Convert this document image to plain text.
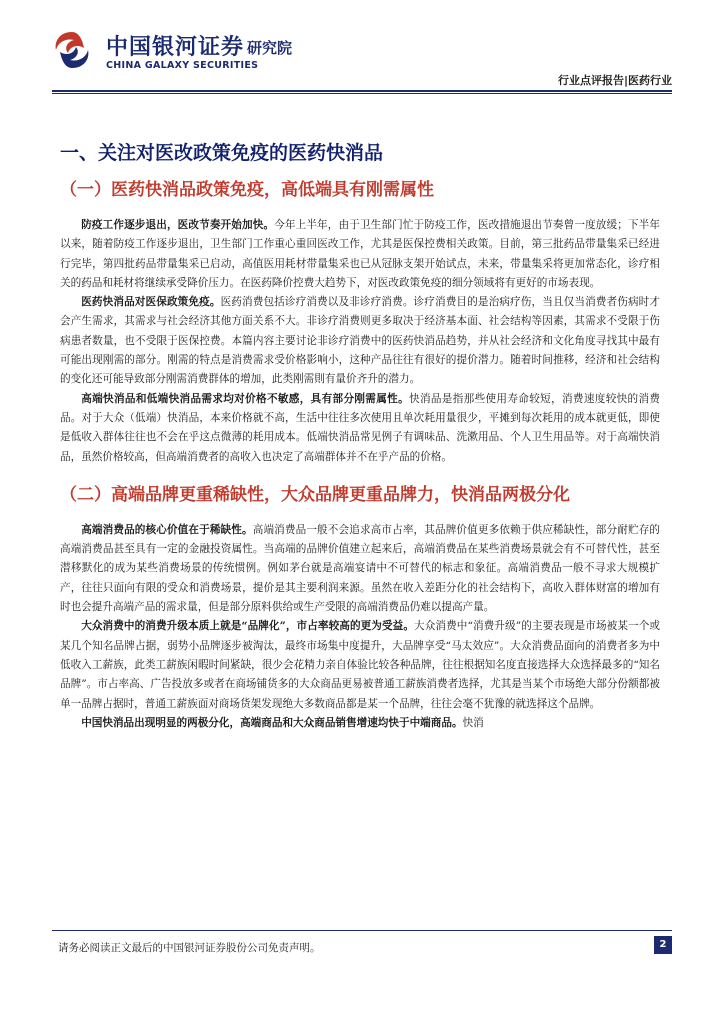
中国银河证券
CHINA GALAXY SECURITIES
研究院
行业点评报告|医药行业
一、关注对医改政策免疫的医药快消品
（一）医药快消品政策免疫，高低端具有刚需属性

防疫工作逐步退出，医改节奏开始加快。今年上半年，由于卫生部门忙于防疫工作，医改措施退出节奏曾一度放缓；下半年以来，随着防疫工作逐步退出，卫生部门工作重心重回医改工作，尤其是医保控费相关政策。目前，第三批药品带量集采已经进行完毕，第四批药品带量集采已启动，高值医用耗材带量集采也已从冠脉支架开始试点，未来，带量集采将更加常态化，诊疗相关的药品和耗材将继续承受降价压力。在医药降价控费大趋势下，对医改政策免疫的细分领域将有更好的市场表现。

医药快消品对医保政策免疫。医药消费包括诊疗消费以及非诊疗消费。诊疗消费目的是治病疗伤，当且仅当消费者伤病时才会产生需求，其需求与社会经济其他方面关系不大。非诊疗消费则更多取决于经济基本面、社会结构等因素，其需求不受限于伤病患者数量，也不受限于医保控费。本篇内容主要讨论非诊疗消费中的医药快消品趋势，并从社会经济和文化角度寻找其中最有可能出现刚需的部分。刚需的特点是消费需求受价格影响小，这种产品往往有很好的提价潜力。随着时间推移，经济和社会结构的变化还可能导致部分刚需消费群体的增加，此类刚需則有量价齐升的潜力。

高端快消品和低端快消品需求均对价格不敏感，具有部分刚需属性。快消品是指那些使用寿命较短，消费速度较快的消费品。对于大众（低端）快消品，本来价格就不高，生活中往往多次使用且单次耗用量很少，平摊到每次耗用的成本就更低，即使是低收入群体往往也不会在乎这点微薄的耗用成本。低端快消品常见例子有调味品、洗漱用品、个人卫生用品等。对于高端快消品，虽然价格较高，但高端消费者的高收入也决定了高端群体并不在乎产品的价格。

（二）高端品牌更重稀缺性，大众品牌更重品牌力，快消品两极分化

高端消费品的核心价值在于稀缺性。高端消费品一般不会追求高市占率，其品牌价值更多依赖于供应稀缺性，部分耐贮存的高端消费品甚至具有一定的金融投资属性。当高端的品牌价值建立起来后，高端消费品在某些消费场景就会有不可替代性，甚至潜移默化的成为某些消费场景的传统惯例。例如茅台就是高端宴请中不可替代的标志和象征。高端消费品一般不寻求大规模扩产，往往只面向有限的受众和消费场景，提价是其主要利润来源。虽然在收入差距分化的社会结构下，高收入群体财富的增加有时也会提升高端产品的需求量，但是部分原料供给或生产受限的高端消费品仍难以提高产量。

大众消费中的消费升级本质上就是“品牌化”，市占率较高的更为受益。大众消费中“消费升级”的主要表现是市场被某一个或某几个知名品牌占据，弱势小品牌逐步被淘汰，最终市场集中度提升，大品牌享受“马太效应”。大众消费品面向的消费者多为中低收入工薪族，此类工薪族闲暇时间紧缺，很少会花精力亲自体验比较各种品牌，往往根据知名度直接选择大众选择最多的“知名品牌”。市占率高、广告投放多或者在商场铺货多的大众商品更易被普通工薪族消费者选择，尤其是当某个市场绝大部分份额都被单一品牌占据时，普通工薪族面对商场货架发现绝大多数商品都是某一个品牌，往往会毫不犹豫的就选择这个品牌。

中国快消品出现明显的两极分化，高端商品和大众商品销售增速均快于中端商品。快消

请务必阅读正文最后的中国银河证券股份公司免责声明。	2
